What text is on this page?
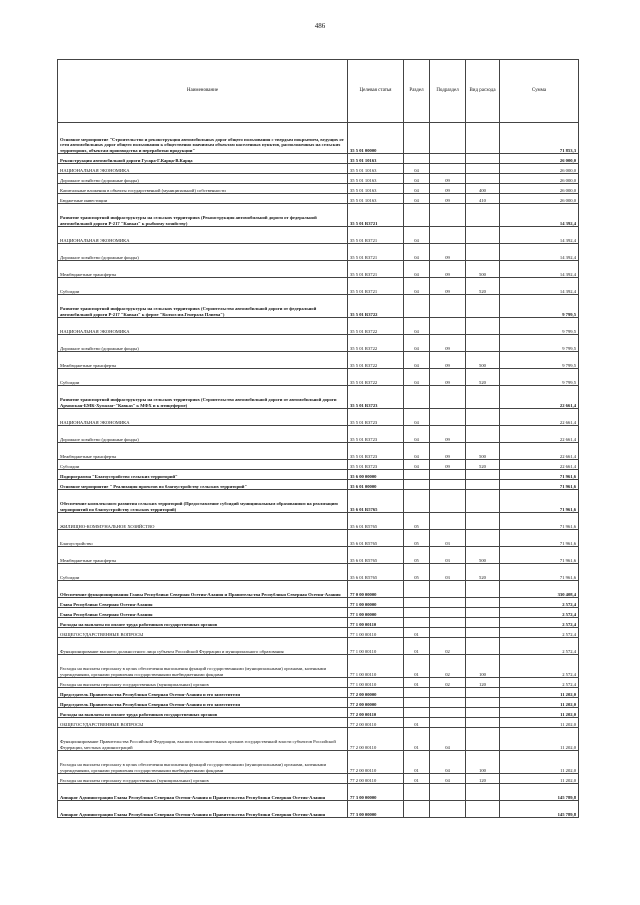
486
Наименование	Целевая статья	Раздел	Подраздел	Вид расхода	Сумма
Основное мероприятие "Строительство и реконструкция автомобильных дорог общего пользования с твердым покрытием, ведущих от сети автомобильных дорог общего пользования к общественно значимым объектам населенных пунктов, расположенных на сельских территориях, объектам производства и переработки продукции"	35 5 01 00000				71 853,3
Реконструкция автомобильной дороги Гусара-Г.Карца-В.Карца	35 5 01 10163				26 000,0
НАЦИОНАЛЬНАЯ ЭКОНОМИКА	35 5 01 10163	04			26 000,0
Дорожное хозяйство (дорожные фонды)	35 5 01 10163	04	09		26 000,0
Капитальные вложения в объекты государственной (муниципальной) собственности	35 5 01 10163	04	09	400	26 000,0
Бюджетные инвестиции	35 5 01 10163	04	09	410	26 000,0
Развитие транспортной инфраструктуры на сельских территориях (Реконструкция автомобильной дороги от федеральной автомобильной дороги Р-217 "Кавказ" к рыбному хозяйству)	35 5 01 R3721				14 392,4
НАЦИОНАЛЬНАЯ ЭКОНОМИКА	35 5 01 R3721	04			14 392,4
Дорожное хозяйство (дорожные фонды)	35 5 01 R3721	04	09		14 392,4
Межбюджетные трансферты	35 5 01 R3721	04	09	500	14 392,4
Субсидии	35 5 01 R3721	04	09	520	14 392,4
Развитие транспортной инфраструктуры на сельских территориях (Строительство автомобильной дороги от федеральной автомобильной дороги Р-217 "Кавказ" к ферме "Колхоз им.Генерала Плиева")	35 5 01 R3722				9 799,5
НАЦИОНАЛЬНАЯ ЭКОНОМИКА	35 5 01 R3722	04			9 799,5
Дорожное хозяйство (дорожные фонды)	35 5 01 R3722	04	09		9 799,5
Межбюджетные трансферты	35 5 01 R3722	04	09	500	9 799,5
Субсидии	35 5 01 R3722	04	09	520	9 799,5
Развитие транспортной инфраструктуры на сельских территориях (Строительство автомобильной дороги от автомобильной дороги Архонская-БМК-Хумалаг-"Кавказ" к МФХ и к птицеферме)	35 5 01 R3723				22 661,4
НАЦИОНАЛЬНАЯ ЭКОНОМИКА	35 5 01 R3723	04			22 661,4
Дорожное хозяйство (дорожные фонды)	35 5 01 R3723	04	09		22 661,4
Межбюджетные трансферты	35 5 01 R3723	04	09	500	22 661,4
Субсидии	35 5 01 R3723	04	09	520	22 661,4
Подпрограмма "Благоустройство сельских территорий"	35 6 00 00000				71 961,6
Основное мероприятие " Реализация проектов по благоустройству сельских территорий"	35 6 01 00000				71 961,6
Обеспечение комплексного развития сельских территорий (Предоставление субсидий муниципальным образованиям на реализацию мероприятий по благоустройству сельских территорий)	35 6 01 R5765				71 961,6
ЖИЛИЩНО-КОММУНАЛЬНОЕ ХОЗЯЙСТВО	35 6 01 R5765	05			71 961,6
Благоустройство	35 6 01 R5765	05	03		71 961,6
Межбюджетные трансферты	35 6 01 R5765	05	03	500	71 961,6
Субсидии	35 6 01 R5765	05	03	520	71 961,6
Обеспечение функционирования Главы Республики Северная Осетия-Алания и Правительства Республики Северная Осетия-Алания	77 0 00 00000				330 408,4
Глава Республики Северная Осетия-Алания	77 1 00 00000				2 572,4
Глава Республики Северная Осетия-Алания	77 1 00 00000				2 572,4
Расходы на выплаты по оплате труда работников государственных органов	77 1 00 00110				2 572,4
ОБЩЕГОСУДАРСТВЕННЫЕ ВОПРОСЫ	77 1 00 00110	01			2 572,4
Функционирование высшего должностного лица субъекта Российской Федерации и муниципального образования	77 1 00 00110	01	02		2 572,4
Расходы на выплаты персоналу в целях обеспечения выполнения функций государственными (муниципальными) органами, казенными учреждениями, органами управления государственными внебюджетными фондами	77 1 00 00110	01	02	100	2 572,4
Расходы на выплаты персоналу государственных (муниципальных) органов	77 1 00 00110	01	02	120	2 572,4
Председатель Правительства Республики Северная Осетия-Алания и его заместители	77 2 00 00000				11 202,0
Председатель Правительства Республики Северная Осетия-Алания и его заместители	77 2 00 00000				11 202,0
Расходы на выплаты по оплате труда работников государственных органов	77 2 00 00110				11 202,0
ОБЩЕГОСУДАРСТВЕННЫЕ ВОПРОСЫ	77 2 00 00110	01			11 202,0
Функционирование Правительства Российской Федерации, высших исполнительных органов государственной власти субъектов Российской Федерации, местных администраций	77 2 00 00110	01	04		11 202,0
Расходы на выплаты персоналу в целях обеспечения выполнения функций государственными (муниципальными) органами, казенными учреждениями, органами управления государственными внебюджетными фондами	77 2 00 00110	01	04	100	11 202,0
Расходы на выплаты персоналу государственных (муниципальных) органов	77 2 00 00110	01	04	120	11 202,0
Аппарат Администрации Главы Республики Северная Осетия-Алания и Правительства Республики Северная Осетия-Алания	77 3 00 00000				145 789,8
Аппарат Администрации Главы Республики Северная Осетия-Алания и Правительства Республики Северная Осетия-Алания	77 3 00 00000				145 789,8
